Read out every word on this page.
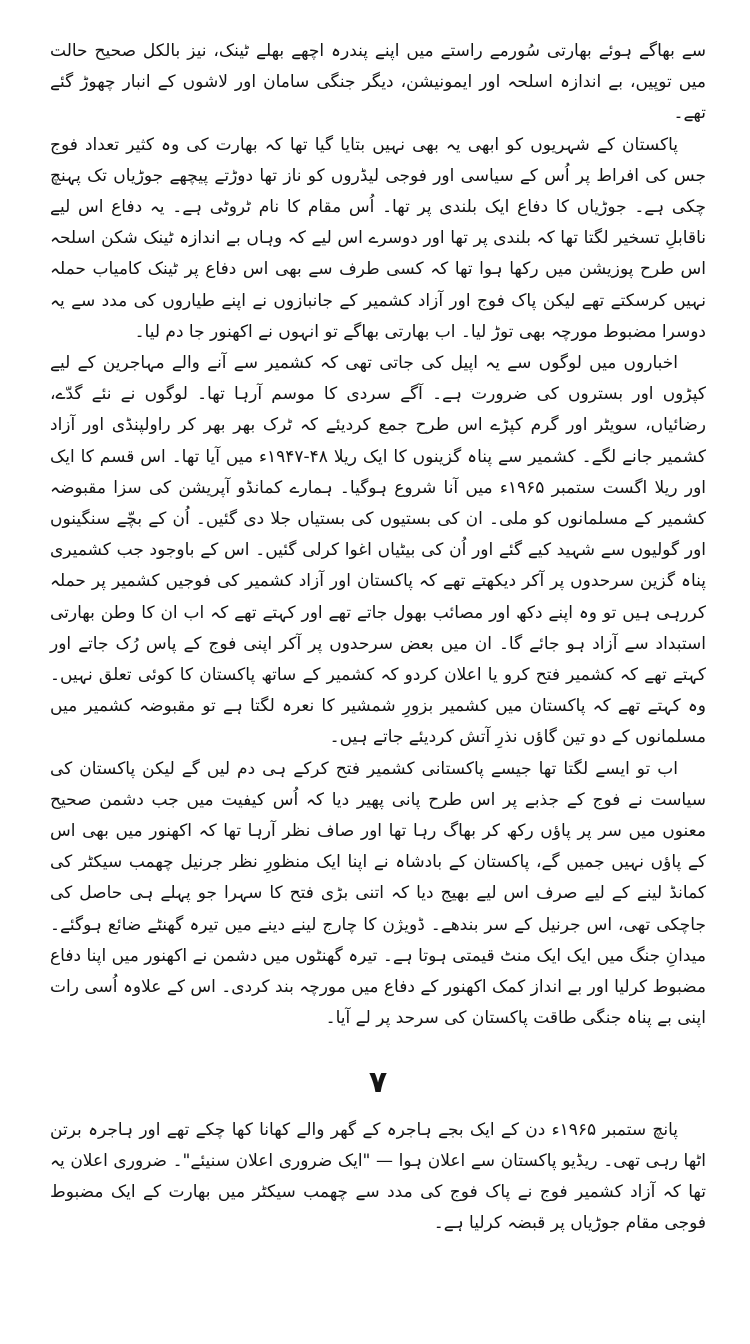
سے بھاگے ہوئے بھارتی سُورمے راستے میں اپنے پندرہ اچھے بھلے ٹینک، نیز بالکل صحیح حالت میں توپیں، بے اندازہ اسلحہ اور ایمونیشن، دیگر جنگی سامان اور لاشوں کے انبار چھوڑ گئے تھے۔

پاکستان کے شہریوں کو ابھی یہ بھی نہیں بتایا گیا تھا کہ بھارت کی وہ کثیر تعداد فوج جس کی افراط پر اُس کے سیاسی اور فوجی لیڈروں کو ناز تھا دوڑتے پیچھے جوڑیاں تک پہنچ چکی ہے۔ جوڑیاں کا دفاع ایک بلندی پر تھا۔ اُس مقام کا نام ٹروٹی ہے۔ یہ دفاع اس لیے ناقابلِ تسخیر لگتا تھا کہ بلندی پر تھا اور دوسرے اس لیے کہ وہاں بے اندازہ ٹینک شکن اسلحہ اس طرح پوزیشن میں رکھا ہوا تھا کہ کسی طرف سے بھی اس دفاع پر ٹینک کامیاب حملہ نہیں کرسکتے تھے لیکن پاک فوج اور آزاد کشمیر کے جانبازوں نے اپنے طیاروں کی مدد سے یہ دوسرا مضبوط مورچہ بھی توڑ لیا۔ اب بھارتی بھاگے تو انہوں نے اکھنور جا دم لیا۔

اخباروں میں لوگوں سے یہ اپیل کی جاتی تھی کہ کشمیر سے آنے والے مہاجرین کے لیے کپڑوں اور بستروں کی ضرورت ہے۔ آگے سردی کا موسم آرہا تھا۔ لوگوں نے نئے گدّے، رضائیاں، سویٹر اور گرم کپڑے اس طرح جمع کردیئے کہ ٹرک بھر بھر کر راولپنڈی اور آزاد کشمیر جانے لگے۔ کشمیر سے پناہ گزینوں کا ایک ریلا ۴۸-۱۹۴۷ء میں آیا تھا۔ اس قسم کا ایک اور ریلا اگست ستمبر ۱۹۶۵ء میں آنا شروع ہوگیا۔ ہمارے کمانڈو آپریشن کی سزا مقبوضہ کشمیر کے مسلمانوں کو ملی۔ ان کی بستیوں کی بستیاں جلا دی گئیں۔ اُن کے بچّے سنگینوں اور گولیوں سے شہید کیے گئے اور اُن کی بیٹیاں اغوا کرلی گئیں۔ اس کے باوجود جب کشمیری پناہ گزین سرحدوں پر آکر دیکھتے تھے کہ پاکستان اور آزاد کشمیر کی فوجیں کشمیر پر حملہ کررہی ہیں تو وہ اپنے دکھ اور مصائب بھول جاتے تھے اور کہتے تھے کہ اب ان کا وطن بھارتی استبداد سے آزاد ہو جائے گا۔ ان میں بعض سرحدوں پر آکر اپنی فوج کے پاس رُک جاتے اور کہتے تھے کہ کشمیر فتح کرو یا اعلان کردو کہ کشمیر کے ساتھ پاکستان کا کوئی تعلق نہیں۔ وہ کہتے تھے کہ پاکستان میں کشمیر بزورِ شمشیر کا نعرہ لگتا ہے تو مقبوضہ کشمیر میں مسلمانوں کے دو تین گاؤں نذرِ آتش کردیئے جاتے ہیں۔

اب تو ایسے لگتا تھا جیسے پاکستانی کشمیر فتح کرکے ہی دم لیں گے لیکن پاکستان کی سیاست نے فوج کے جذبے پر اس طرح پانی پھیر دیا کہ اُس کیفیت میں جب دشمن صحیح معنوں میں سر پر پاؤں رکھ کر بھاگ رہا تھا اور صاف نظر آرہا تھا کہ اکھنور میں بھی اس کے پاؤں نہیں جمیں گے، پاکستان کے بادشاہ نے اپنا ایک منظورِ نظر جرنیل چھمب سیکٹر کی کمانڈ لینے کے لیے صرف اس لیے بھیج دیا کہ اتنی بڑی فتح کا سہرا جو پہلے ہی حاصل کی جاچکی تھی، اس جرنیل کے سر بندھے۔ ڈویژن کا چارج لینے دینے میں تیرہ گھنٹے ضائع ہوگئے۔ میدانِ جنگ میں ایک ایک منٹ قیمتی ہوتا ہے۔ تیرہ گھنٹوں میں دشمن نے اکھنور میں اپنا دفاع مضبوط کرلیا اور بے انداز کمک اکھنور کے دفاع میں مورچہ بند کردی۔ اس کے علاوہ اُسی رات اپنی بے پناہ جنگی طاقت پاکستان کی سرحد پر لے آیا۔

۷

پانچ ستمبر ۱۹۶۵ء دن کے ایک بجے ہاجرہ کے گھر والے کھانا کھا چکے تھے اور ہاجرہ برتن اٹھا رہی تھی۔ ریڈیو پاکستان سے اعلان ہوا — "ایک ضروری اعلان سنیئے"۔ ضروری اعلان یہ تھا کہ آزاد کشمیر فوج نے پاک فوج کی مدد سے چھمب سیکٹر میں بھارت کے ایک مضبوط فوجی مقام جوڑیاں پر قبضہ کرلیا ہے۔
